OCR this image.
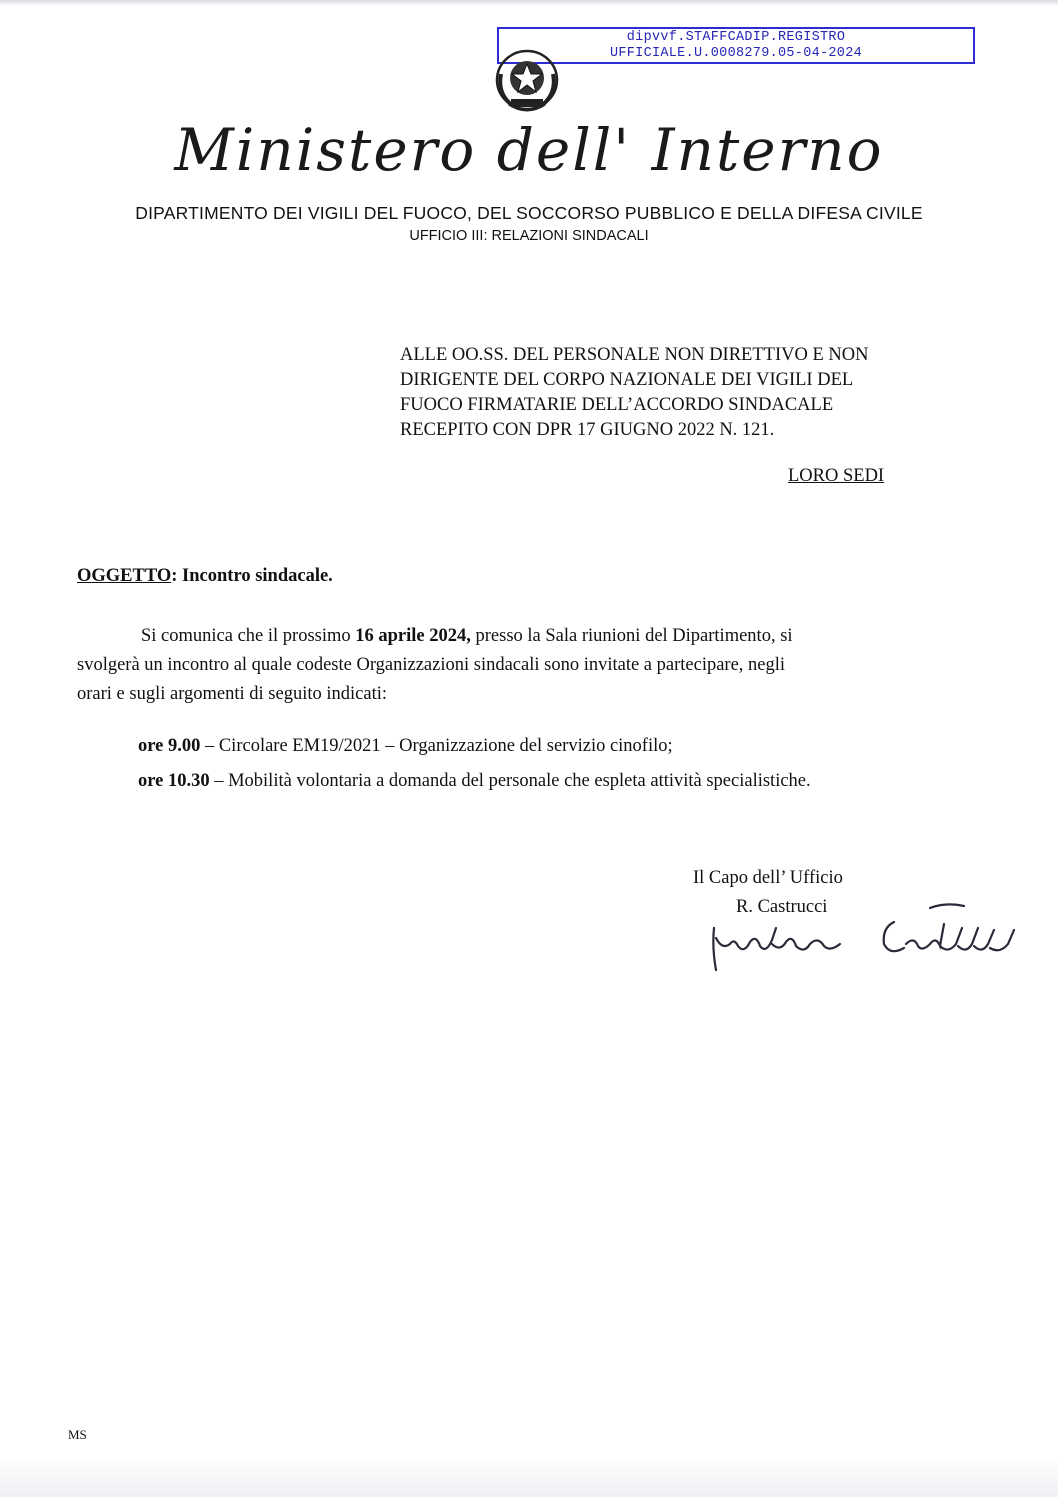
dipvvf.STAFFCADIP.REGISTRO
UFFICIALE.U.0008279.05-04-2024
Ministero dell' Interno
DIPARTIMENTO DEI VIGILI DEL FUOCO, DEL SOCCORSO PUBBLICO E DELLA DIFESA CIVILE
UFFICIO III: RELAZIONI SINDACALI
ALLE OO.SS. DEL PERSONALE NON DIRETTIVO E NON
DIRIGENTE DEL CORPO NAZIONALE DEI VIGILI DEL
FUOCO FIRMATARIE DELL’ACCORDO SINDACALE
RECEPITO CON DPR 17 GIUGNO 2022 N. 121.
LORO SEDI
OGGETTO: Incontro sindacale.
Si comunica che il prossimo 16 aprile 2024, presso la Sala riunioni del Dipartimento, si
svolgerà un incontro al quale codeste Organizzazioni sindacali sono invitate a partecipare, negli
orari e sugli argomenti di seguito indicati:
ore 9.00 – Circolare EM19/2021 – Organizzazione del servizio cinofilo;
ore 10.30 – Mobilità volontaria a domanda del personale che espleta attività specialistiche.
Il Capo dell’ Ufficio
R. Castrucci
MS
